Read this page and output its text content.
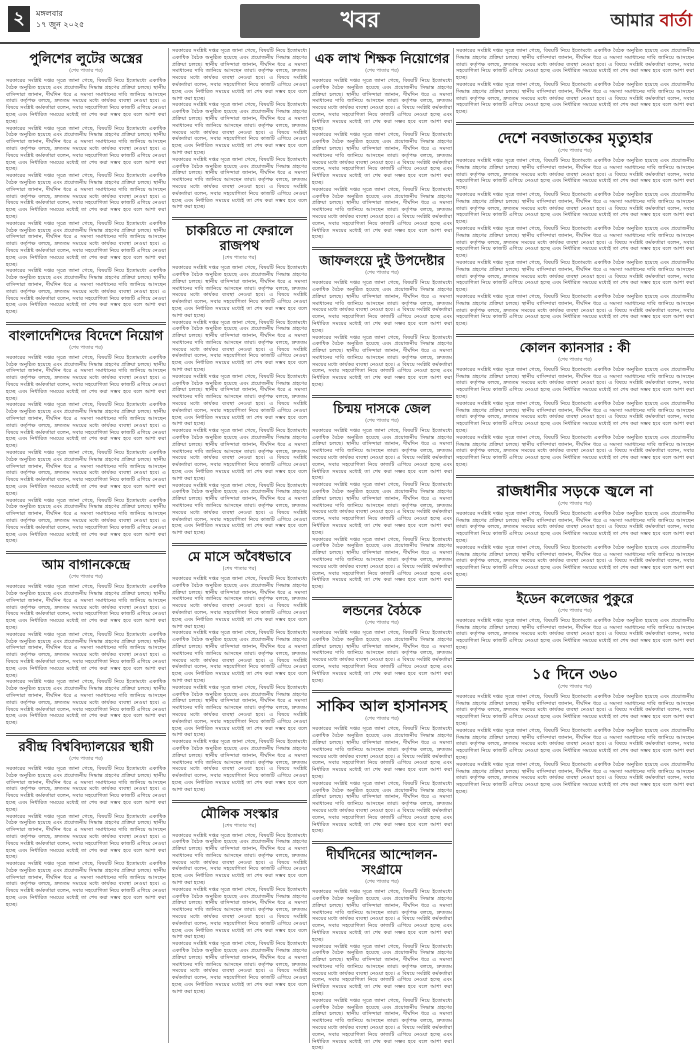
২	মঙ্গলবার
১৭ জুন ২০২৫	খবর	আমার বার্তা
পুলিশের লুটের অস্ত্রের
(শেষ পাতার পর)

সরকারের সংশ্লিষ্ট দপ্তর সূত্রে জানা গেছে, বিষয়টি নিয়ে ইতোমধ্যে একাধিক বৈঠক অনুষ্ঠিত হয়েছে এবং প্রয়োজনীয় সিদ্ধান্ত গ্রহণের প্রক্রিয়া চলছে। স্থানীয় বাসিন্দারা জানান, দীর্ঘদিন ধরে এ সমস্যা সমাধানের দাবি জানিয়ে আসছেন তারা। কর্তৃপক্ষ বলছে, দ্রুততম সময়ের মধ্যে কার্যকর ব্যবস্থা নেওয়া হবে। এ বিষয়ে সংশ্লিষ্ট কর্মকর্তারা বলেন, সবার সহযোগিতা নিয়ে কাজটি এগিয়ে নেওয়া হচ্ছে এবং নির্ধারিত সময়ের মধ্যেই তা শেষ করা সম্ভব হবে বলে আশা করা হচ্ছে।

সরকারের সংশ্লিষ্ট দপ্তর সূত্রে জানা গেছে, বিষয়টি নিয়ে ইতোমধ্যে একাধিক বৈঠক অনুষ্ঠিত হয়েছে এবং প্রয়োজনীয় সিদ্ধান্ত গ্রহণের প্রক্রিয়া চলছে। স্থানীয় বাসিন্দারা জানান, দীর্ঘদিন ধরে এ সমস্যা সমাধানের দাবি জানিয়ে আসছেন তারা। কর্তৃপক্ষ বলছে, দ্রুততম সময়ের মধ্যে কার্যকর ব্যবস্থা নেওয়া হবে। এ বিষয়ে সংশ্লিষ্ট কর্মকর্তারা বলেন, সবার সহযোগিতা নিয়ে কাজটি এগিয়ে নেওয়া হচ্ছে এবং নির্ধারিত সময়ের মধ্যেই তা শেষ করা সম্ভব হবে বলে আশা করা হচ্ছে।

সরকারের সংশ্লিষ্ট দপ্তর সূত্রে জানা গেছে, বিষয়টি নিয়ে ইতোমধ্যে একাধিক বৈঠক অনুষ্ঠিত হয়েছে এবং প্রয়োজনীয় সিদ্ধান্ত গ্রহণের প্রক্রিয়া চলছে। স্থানীয় বাসিন্দারা জানান, দীর্ঘদিন ধরে এ সমস্যা সমাধানের দাবি জানিয়ে আসছেন তারা। কর্তৃপক্ষ বলছে, দ্রুততম সময়ের মধ্যে কার্যকর ব্যবস্থা নেওয়া হবে। এ বিষয়ে সংশ্লিষ্ট কর্মকর্তারা বলেন, সবার সহযোগিতা নিয়ে কাজটি এগিয়ে নেওয়া হচ্ছে এবং নির্ধারিত সময়ের মধ্যেই তা শেষ করা সম্ভব হবে বলে আশা করা হচ্ছে।

সরকারের সংশ্লিষ্ট দপ্তর সূত্রে জানা গেছে, বিষয়টি নিয়ে ইতোমধ্যে একাধিক বৈঠক অনুষ্ঠিত হয়েছে এবং প্রয়োজনীয় সিদ্ধান্ত গ্রহণের প্রক্রিয়া চলছে। স্থানীয় বাসিন্দারা জানান, দীর্ঘদিন ধরে এ সমস্যা সমাধানের দাবি জানিয়ে আসছেন তারা। কর্তৃপক্ষ বলছে, দ্রুততম সময়ের মধ্যে কার্যকর ব্যবস্থা নেওয়া হবে। এ বিষয়ে সংশ্লিষ্ট কর্মকর্তারা বলেন, সবার সহযোগিতা নিয়ে কাজটি এগিয়ে নেওয়া হচ্ছে এবং নির্ধারিত সময়ের মধ্যেই তা শেষ করা সম্ভব হবে বলে আশা করা হচ্ছে।

সরকারের সংশ্লিষ্ট দপ্তর সূত্রে জানা গেছে, বিষয়টি নিয়ে ইতোমধ্যে একাধিক বৈঠক অনুষ্ঠিত হয়েছে এবং প্রয়োজনীয় সিদ্ধান্ত গ্রহণের প্রক্রিয়া চলছে। স্থানীয় বাসিন্দারা জানান, দীর্ঘদিন ধরে এ সমস্যা সমাধানের দাবি জানিয়ে আসছেন তারা। কর্তৃপক্ষ বলছে, দ্রুততম সময়ের মধ্যে কার্যকর ব্যবস্থা নেওয়া হবে। এ বিষয়ে সংশ্লিষ্ট কর্মকর্তারা বলেন, সবার সহযোগিতা নিয়ে কাজটি এগিয়ে নেওয়া হচ্ছে এবং নির্ধারিত সময়ের মধ্যেই তা শেষ করা সম্ভব হবে বলে আশা করা হচ্ছে।

বাংলাদেশিদের বিদেশে নিয়োগ
(শেষ পাতার পর)

সরকারের সংশ্লিষ্ট দপ্তর সূত্রে জানা গেছে, বিষয়টি নিয়ে ইতোমধ্যে একাধিক বৈঠক অনুষ্ঠিত হয়েছে এবং প্রয়োজনীয় সিদ্ধান্ত গ্রহণের প্রক্রিয়া চলছে। স্থানীয় বাসিন্দারা জানান, দীর্ঘদিন ধরে এ সমস্যা সমাধানের দাবি জানিয়ে আসছেন তারা। কর্তৃপক্ষ বলছে, দ্রুততম সময়ের মধ্যে কার্যকর ব্যবস্থা নেওয়া হবে। এ বিষয়ে সংশ্লিষ্ট কর্মকর্তারা বলেন, সবার সহযোগিতা নিয়ে কাজটি এগিয়ে নেওয়া হচ্ছে এবং নির্ধারিত সময়ের মধ্যেই তা শেষ করা সম্ভব হবে বলে আশা করা হচ্ছে।

সরকারের সংশ্লিষ্ট দপ্তর সূত্রে জানা গেছে, বিষয়টি নিয়ে ইতোমধ্যে একাধিক বৈঠক অনুষ্ঠিত হয়েছে এবং প্রয়োজনীয় সিদ্ধান্ত গ্রহণের প্রক্রিয়া চলছে। স্থানীয় বাসিন্দারা জানান, দীর্ঘদিন ধরে এ সমস্যা সমাধানের দাবি জানিয়ে আসছেন তারা। কর্তৃপক্ষ বলছে, দ্রুততম সময়ের মধ্যে কার্যকর ব্যবস্থা নেওয়া হবে। এ বিষয়ে সংশ্লিষ্ট কর্মকর্তারা বলেন, সবার সহযোগিতা নিয়ে কাজটি এগিয়ে নেওয়া হচ্ছে এবং নির্ধারিত সময়ের মধ্যেই তা শেষ করা সম্ভব হবে বলে আশা করা হচ্ছে।

সরকারের সংশ্লিষ্ট দপ্তর সূত্রে জানা গেছে, বিষয়টি নিয়ে ইতোমধ্যে একাধিক বৈঠক অনুষ্ঠিত হয়েছে এবং প্রয়োজনীয় সিদ্ধান্ত গ্রহণের প্রক্রিয়া চলছে। স্থানীয় বাসিন্দারা জানান, দীর্ঘদিন ধরে এ সমস্যা সমাধানের দাবি জানিয়ে আসছেন তারা। কর্তৃপক্ষ বলছে, দ্রুততম সময়ের মধ্যে কার্যকর ব্যবস্থা নেওয়া হবে। এ বিষয়ে সংশ্লিষ্ট কর্মকর্তারা বলেন, সবার সহযোগিতা নিয়ে কাজটি এগিয়ে নেওয়া হচ্ছে এবং নির্ধারিত সময়ের মধ্যেই তা শেষ করা সম্ভব হবে বলে আশা করা হচ্ছে।

সরকারের সংশ্লিষ্ট দপ্তর সূত্রে জানা গেছে, বিষয়টি নিয়ে ইতোমধ্যে একাধিক বৈঠক অনুষ্ঠিত হয়েছে এবং প্রয়োজনীয় সিদ্ধান্ত গ্রহণের প্রক্রিয়া চলছে। স্থানীয় বাসিন্দারা জানান, দীর্ঘদিন ধরে এ সমস্যা সমাধানের দাবি জানিয়ে আসছেন তারা। কর্তৃপক্ষ বলছে, দ্রুততম সময়ের মধ্যে কার্যকর ব্যবস্থা নেওয়া হবে। এ বিষয়ে সংশ্লিষ্ট কর্মকর্তারা বলেন, সবার সহযোগিতা নিয়ে কাজটি এগিয়ে নেওয়া হচ্ছে এবং নির্ধারিত সময়ের মধ্যেই তা শেষ করা সম্ভব হবে বলে আশা করা হচ্ছে।

আম বাগানকেন্দ্রে
(শেষ পাতার পর)

সরকারের সংশ্লিষ্ট দপ্তর সূত্রে জানা গেছে, বিষয়টি নিয়ে ইতোমধ্যে একাধিক বৈঠক অনুষ্ঠিত হয়েছে এবং প্রয়োজনীয় সিদ্ধান্ত গ্রহণের প্রক্রিয়া চলছে। স্থানীয় বাসিন্দারা জানান, দীর্ঘদিন ধরে এ সমস্যা সমাধানের দাবি জানিয়ে আসছেন তারা। কর্তৃপক্ষ বলছে, দ্রুততম সময়ের মধ্যে কার্যকর ব্যবস্থা নেওয়া হবে। এ বিষয়ে সংশ্লিষ্ট কর্মকর্তারা বলেন, সবার সহযোগিতা নিয়ে কাজটি এগিয়ে নেওয়া হচ্ছে এবং নির্ধারিত সময়ের মধ্যেই তা শেষ করা সম্ভব হবে বলে আশা করা হচ্ছে।

সরকারের সংশ্লিষ্ট দপ্তর সূত্রে জানা গেছে, বিষয়টি নিয়ে ইতোমধ্যে একাধিক বৈঠক অনুষ্ঠিত হয়েছে এবং প্রয়োজনীয় সিদ্ধান্ত গ্রহণের প্রক্রিয়া চলছে। স্থানীয় বাসিন্দারা জানান, দীর্ঘদিন ধরে এ সমস্যা সমাধানের দাবি জানিয়ে আসছেন তারা। কর্তৃপক্ষ বলছে, দ্রুততম সময়ের মধ্যে কার্যকর ব্যবস্থা নেওয়া হবে। এ বিষয়ে সংশ্লিষ্ট কর্মকর্তারা বলেন, সবার সহযোগিতা নিয়ে কাজটি এগিয়ে নেওয়া হচ্ছে এবং নির্ধারিত সময়ের মধ্যেই তা শেষ করা সম্ভব হবে বলে আশা করা হচ্ছে।

সরকারের সংশ্লিষ্ট দপ্তর সূত্রে জানা গেছে, বিষয়টি নিয়ে ইতোমধ্যে একাধিক বৈঠক অনুষ্ঠিত হয়েছে এবং প্রয়োজনীয় সিদ্ধান্ত গ্রহণের প্রক্রিয়া চলছে। স্থানীয় বাসিন্দারা জানান, দীর্ঘদিন ধরে এ সমস্যা সমাধানের দাবি জানিয়ে আসছেন তারা। কর্তৃপক্ষ বলছে, দ্রুততম সময়ের মধ্যে কার্যকর ব্যবস্থা নেওয়া হবে। এ বিষয়ে সংশ্লিষ্ট কর্মকর্তারা বলেন, সবার সহযোগিতা নিয়ে কাজটি এগিয়ে নেওয়া হচ্ছে এবং নির্ধারিত সময়ের মধ্যেই তা শেষ করা সম্ভব হবে বলে আশা করা হচ্ছে।

রবীন্দ্র বিশ্ববিদ্যালয়ের স্থায়ী
(শেষ পাতার পর)

সরকারের সংশ্লিষ্ট দপ্তর সূত্রে জানা গেছে, বিষয়টি নিয়ে ইতোমধ্যে একাধিক বৈঠক অনুষ্ঠিত হয়েছে এবং প্রয়োজনীয় সিদ্ধান্ত গ্রহণের প্রক্রিয়া চলছে। স্থানীয় বাসিন্দারা জানান, দীর্ঘদিন ধরে এ সমস্যা সমাধানের দাবি জানিয়ে আসছেন তারা। কর্তৃপক্ষ বলছে, দ্রুততম সময়ের মধ্যে কার্যকর ব্যবস্থা নেওয়া হবে। এ বিষয়ে সংশ্লিষ্ট কর্মকর্তারা বলেন, সবার সহযোগিতা নিয়ে কাজটি এগিয়ে নেওয়া হচ্ছে এবং নির্ধারিত সময়ের মধ্যেই তা শেষ করা সম্ভব হবে বলে আশা করা হচ্ছে।

সরকারের সংশ্লিষ্ট দপ্তর সূত্রে জানা গেছে, বিষয়টি নিয়ে ইতোমধ্যে একাধিক বৈঠক অনুষ্ঠিত হয়েছে এবং প্রয়োজনীয় সিদ্ধান্ত গ্রহণের প্রক্রিয়া চলছে। স্থানীয় বাসিন্দারা জানান, দীর্ঘদিন ধরে এ সমস্যা সমাধানের দাবি জানিয়ে আসছেন তারা। কর্তৃপক্ষ বলছে, দ্রুততম সময়ের মধ্যে কার্যকর ব্যবস্থা নেওয়া হবে। এ বিষয়ে সংশ্লিষ্ট কর্মকর্তারা বলেন, সবার সহযোগিতা নিয়ে কাজটি এগিয়ে নেওয়া হচ্ছে এবং নির্ধারিত সময়ের মধ্যেই তা শেষ করা সম্ভব হবে বলে আশা করা হচ্ছে।

সরকারের সংশ্লিষ্ট দপ্তর সূত্রে জানা গেছে, বিষয়টি নিয়ে ইতোমধ্যে একাধিক বৈঠক অনুষ্ঠিত হয়েছে এবং প্রয়োজনীয় সিদ্ধান্ত গ্রহণের প্রক্রিয়া চলছে। স্থানীয় বাসিন্দারা জানান, দীর্ঘদিন ধরে এ সমস্যা সমাধানের দাবি জানিয়ে আসছেন তারা। কর্তৃপক্ষ বলছে, দ্রুততম সময়ের মধ্যে কার্যকর ব্যবস্থা নেওয়া হবে। এ বিষয়ে সংশ্লিষ্ট কর্মকর্তারা বলেন, সবার সহযোগিতা নিয়ে কাজটি এগিয়ে নেওয়া হচ্ছে এবং নির্ধারিত সময়ের মধ্যেই তা শেষ করা সম্ভব হবে বলে আশা করা হচ্ছে।

সরকারের সংশ্লিষ্ট দপ্তর সূত্রে জানা গেছে, বিষয়টি নিয়ে ইতোমধ্যে একাধিক বৈঠক অনুষ্ঠিত হয়েছে এবং প্রয়োজনীয় সিদ্ধান্ত গ্রহণের প্রক্রিয়া চলছে। স্থানীয় বাসিন্দারা জানান, দীর্ঘদিন ধরে এ সমস্যা সমাধানের দাবি জানিয়ে আসছেন তারা। কর্তৃপক্ষ বলছে, দ্রুততম সময়ের মধ্যে কার্যকর ব্যবস্থা নেওয়া হবে। এ বিষয়ে সংশ্লিষ্ট কর্মকর্তারা বলেন, সবার সহযোগিতা নিয়ে কাজটি এগিয়ে নেওয়া হচ্ছে এবং নির্ধারিত সময়ের মধ্যেই তা শেষ করা সম্ভব হবে বলে আশা করা হচ্ছে।

সরকারের সংশ্লিষ্ট দপ্তর সূত্রে জানা গেছে, বিষয়টি নিয়ে ইতোমধ্যে একাধিক বৈঠক অনুষ্ঠিত হয়েছে এবং প্রয়োজনীয় সিদ্ধান্ত গ্রহণের প্রক্রিয়া চলছে। স্থানীয় বাসিন্দারা জানান, দীর্ঘদিন ধরে এ সমস্যা সমাধানের দাবি জানিয়ে আসছেন তারা। কর্তৃপক্ষ বলছে, দ্রুততম সময়ের মধ্যে কার্যকর ব্যবস্থা নেওয়া হবে। এ বিষয়ে সংশ্লিষ্ট কর্মকর্তারা বলেন, সবার সহযোগিতা নিয়ে কাজটি এগিয়ে নেওয়া হচ্ছে এবং নির্ধারিত সময়ের মধ্যেই তা শেষ করা সম্ভব হবে বলে আশা করা হচ্ছে।

সরকারের সংশ্লিষ্ট দপ্তর সূত্রে জানা গেছে, বিষয়টি নিয়ে ইতোমধ্যে একাধিক বৈঠক অনুষ্ঠিত হয়েছে এবং প্রয়োজনীয় সিদ্ধান্ত গ্রহণের প্রক্রিয়া চলছে। স্থানীয় বাসিন্দারা জানান, দীর্ঘদিন ধরে এ সমস্যা সমাধানের দাবি জানিয়ে আসছেন তারা। কর্তৃপক্ষ বলছে, দ্রুততম সময়ের মধ্যে কার্যকর ব্যবস্থা নেওয়া হবে। এ বিষয়ে সংশ্লিষ্ট কর্মকর্তারা বলেন, সবার সহযোগিতা নিয়ে কাজটি এগিয়ে নেওয়া হচ্ছে এবং নির্ধারিত সময়ের মধ্যেই তা শেষ করা সম্ভব হবে বলে আশা করা হচ্ছে।

চাকরিতে না ফেরালে রাজপথ
(শেষ পাতার পর)

সরকারের সংশ্লিষ্ট দপ্তর সূত্রে জানা গেছে, বিষয়টি নিয়ে ইতোমধ্যে একাধিক বৈঠক অনুষ্ঠিত হয়েছে এবং প্রয়োজনীয় সিদ্ধান্ত গ্রহণের প্রক্রিয়া চলছে। স্থানীয় বাসিন্দারা জানান, দীর্ঘদিন ধরে এ সমস্যা সমাধানের দাবি জানিয়ে আসছেন তারা। কর্তৃপক্ষ বলছে, দ্রুততম সময়ের মধ্যে কার্যকর ব্যবস্থা নেওয়া হবে। এ বিষয়ে সংশ্লিষ্ট কর্মকর্তারা বলেন, সবার সহযোগিতা নিয়ে কাজটি এগিয়ে নেওয়া হচ্ছে এবং নির্ধারিত সময়ের মধ্যেই তা শেষ করা সম্ভব হবে বলে আশা করা হচ্ছে।

সরকারের সংশ্লিষ্ট দপ্তর সূত্রে জানা গেছে, বিষয়টি নিয়ে ইতোমধ্যে একাধিক বৈঠক অনুষ্ঠিত হয়েছে এবং প্রয়োজনীয় সিদ্ধান্ত গ্রহণের প্রক্রিয়া চলছে। স্থানীয় বাসিন্দারা জানান, দীর্ঘদিন ধরে এ সমস্যা সমাধানের দাবি জানিয়ে আসছেন তারা। কর্তৃপক্ষ বলছে, দ্রুততম সময়ের মধ্যে কার্যকর ব্যবস্থা নেওয়া হবে। এ বিষয়ে সংশ্লিষ্ট কর্মকর্তারা বলেন, সবার সহযোগিতা নিয়ে কাজটি এগিয়ে নেওয়া হচ্ছে এবং নির্ধারিত সময়ের মধ্যেই তা শেষ করা সম্ভব হবে বলে আশা করা হচ্ছে।

সরকারের সংশ্লিষ্ট দপ্তর সূত্রে জানা গেছে, বিষয়টি নিয়ে ইতোমধ্যে একাধিক বৈঠক অনুষ্ঠিত হয়েছে এবং প্রয়োজনীয় সিদ্ধান্ত গ্রহণের প্রক্রিয়া চলছে। স্থানীয় বাসিন্দারা জানান, দীর্ঘদিন ধরে এ সমস্যা সমাধানের দাবি জানিয়ে আসছেন তারা। কর্তৃপক্ষ বলছে, দ্রুততম সময়ের মধ্যে কার্যকর ব্যবস্থা নেওয়া হবে। এ বিষয়ে সংশ্লিষ্ট কর্মকর্তারা বলেন, সবার সহযোগিতা নিয়ে কাজটি এগিয়ে নেওয়া হচ্ছে এবং নির্ধারিত সময়ের মধ্যেই তা শেষ করা সম্ভব হবে বলে আশা করা হচ্ছে।

সরকারের সংশ্লিষ্ট দপ্তর সূত্রে জানা গেছে, বিষয়টি নিয়ে ইতোমধ্যে একাধিক বৈঠক অনুষ্ঠিত হয়েছে এবং প্রয়োজনীয় সিদ্ধান্ত গ্রহণের প্রক্রিয়া চলছে। স্থানীয় বাসিন্দারা জানান, দীর্ঘদিন ধরে এ সমস্যা সমাধানের দাবি জানিয়ে আসছেন তারা। কর্তৃপক্ষ বলছে, দ্রুততম সময়ের মধ্যে কার্যকর ব্যবস্থা নেওয়া হবে। এ বিষয়ে সংশ্লিষ্ট কর্মকর্তারা বলেন, সবার সহযোগিতা নিয়ে কাজটি এগিয়ে নেওয়া হচ্ছে এবং নির্ধারিত সময়ের মধ্যেই তা শেষ করা সম্ভব হবে বলে আশা করা হচ্ছে।

সরকারের সংশ্লিষ্ট দপ্তর সূত্রে জানা গেছে, বিষয়টি নিয়ে ইতোমধ্যে একাধিক বৈঠক অনুষ্ঠিত হয়েছে এবং প্রয়োজনীয় সিদ্ধান্ত গ্রহণের প্রক্রিয়া চলছে। স্থানীয় বাসিন্দারা জানান, দীর্ঘদিন ধরে এ সমস্যা সমাধানের দাবি জানিয়ে আসছেন তারা। কর্তৃপক্ষ বলছে, দ্রুততম সময়ের মধ্যে কার্যকর ব্যবস্থা নেওয়া হবে। এ বিষয়ে সংশ্লিষ্ট কর্মকর্তারা বলেন, সবার সহযোগিতা নিয়ে কাজটি এগিয়ে নেওয়া হচ্ছে এবং নির্ধারিত সময়ের মধ্যেই তা শেষ করা সম্ভব হবে বলে আশা করা হচ্ছে।

মে মাসে অবৈধভাবে
(শেষ পাতার পর)

সরকারের সংশ্লিষ্ট দপ্তর সূত্রে জানা গেছে, বিষয়টি নিয়ে ইতোমধ্যে একাধিক বৈঠক অনুষ্ঠিত হয়েছে এবং প্রয়োজনীয় সিদ্ধান্ত গ্রহণের প্রক্রিয়া চলছে। স্থানীয় বাসিন্দারা জানান, দীর্ঘদিন ধরে এ সমস্যা সমাধানের দাবি জানিয়ে আসছেন তারা। কর্তৃপক্ষ বলছে, দ্রুততম সময়ের মধ্যে কার্যকর ব্যবস্থা নেওয়া হবে। এ বিষয়ে সংশ্লিষ্ট কর্মকর্তারা বলেন, সবার সহযোগিতা নিয়ে কাজটি এগিয়ে নেওয়া হচ্ছে এবং নির্ধারিত সময়ের মধ্যেই তা শেষ করা সম্ভব হবে বলে আশা করা হচ্ছে।

সরকারের সংশ্লিষ্ট দপ্তর সূত্রে জানা গেছে, বিষয়টি নিয়ে ইতোমধ্যে একাধিক বৈঠক অনুষ্ঠিত হয়েছে এবং প্রয়োজনীয় সিদ্ধান্ত গ্রহণের প্রক্রিয়া চলছে। স্থানীয় বাসিন্দারা জানান, দীর্ঘদিন ধরে এ সমস্যা সমাধানের দাবি জানিয়ে আসছেন তারা। কর্তৃপক্ষ বলছে, দ্রুততম সময়ের মধ্যে কার্যকর ব্যবস্থা নেওয়া হবে। এ বিষয়ে সংশ্লিষ্ট কর্মকর্তারা বলেন, সবার সহযোগিতা নিয়ে কাজটি এগিয়ে নেওয়া হচ্ছে এবং নির্ধারিত সময়ের মধ্যেই তা শেষ করা সম্ভব হবে বলে আশা করা হচ্ছে।

সরকারের সংশ্লিষ্ট দপ্তর সূত্রে জানা গেছে, বিষয়টি নিয়ে ইতোমধ্যে একাধিক বৈঠক অনুষ্ঠিত হয়েছে এবং প্রয়োজনীয় সিদ্ধান্ত গ্রহণের প্রক্রিয়া চলছে। স্থানীয় বাসিন্দারা জানান, দীর্ঘদিন ধরে এ সমস্যা সমাধানের দাবি জানিয়ে আসছেন তারা। কর্তৃপক্ষ বলছে, দ্রুততম সময়ের মধ্যে কার্যকর ব্যবস্থা নেওয়া হবে। এ বিষয়ে সংশ্লিষ্ট কর্মকর্তারা বলেন, সবার সহযোগিতা নিয়ে কাজটি এগিয়ে নেওয়া হচ্ছে এবং নির্ধারিত সময়ের মধ্যেই তা শেষ করা সম্ভব হবে বলে আশা করা হচ্ছে।

সরকারের সংশ্লিষ্ট দপ্তর সূত্রে জানা গেছে, বিষয়টি নিয়ে ইতোমধ্যে একাধিক বৈঠক অনুষ্ঠিত হয়েছে এবং প্রয়োজনীয় সিদ্ধান্ত গ্রহণের প্রক্রিয়া চলছে। স্থানীয় বাসিন্দারা জানান, দীর্ঘদিন ধরে এ সমস্যা সমাধানের দাবি জানিয়ে আসছেন তারা। কর্তৃপক্ষ বলছে, দ্রুততম সময়ের মধ্যে কার্যকর ব্যবস্থা নেওয়া হবে। এ বিষয়ে সংশ্লিষ্ট কর্মকর্তারা বলেন, সবার সহযোগিতা নিয়ে কাজটি এগিয়ে নেওয়া হচ্ছে এবং নির্ধারিত সময়ের মধ্যেই তা শেষ করা সম্ভব হবে বলে আশা করা হচ্ছে।

মৌলিক সংস্কার
(শেষ পাতার পর)

সরকারের সংশ্লিষ্ট দপ্তর সূত্রে জানা গেছে, বিষয়টি নিয়ে ইতোমধ্যে একাধিক বৈঠক অনুষ্ঠিত হয়েছে এবং প্রয়োজনীয় সিদ্ধান্ত গ্রহণের প্রক্রিয়া চলছে। স্থানীয় বাসিন্দারা জানান, দীর্ঘদিন ধরে এ সমস্যা সমাধানের দাবি জানিয়ে আসছেন তারা। কর্তৃপক্ষ বলছে, দ্রুততম সময়ের মধ্যে কার্যকর ব্যবস্থা নেওয়া হবে। এ বিষয়ে সংশ্লিষ্ট কর্মকর্তারা বলেন, সবার সহযোগিতা নিয়ে কাজটি এগিয়ে নেওয়া হচ্ছে এবং নির্ধারিত সময়ের মধ্যেই তা শেষ করা সম্ভব হবে বলে আশা করা হচ্ছে।

সরকারের সংশ্লিষ্ট দপ্তর সূত্রে জানা গেছে, বিষয়টি নিয়ে ইতোমধ্যে একাধিক বৈঠক অনুষ্ঠিত হয়েছে এবং প্রয়োজনীয় সিদ্ধান্ত গ্রহণের প্রক্রিয়া চলছে। স্থানীয় বাসিন্দারা জানান, দীর্ঘদিন ধরে এ সমস্যা সমাধানের দাবি জানিয়ে আসছেন তারা। কর্তৃপক্ষ বলছে, দ্রুততম সময়ের মধ্যে কার্যকর ব্যবস্থা নেওয়া হবে। এ বিষয়ে সংশ্লিষ্ট কর্মকর্তারা বলেন, সবার সহযোগিতা নিয়ে কাজটি এগিয়ে নেওয়া হচ্ছে এবং নির্ধারিত সময়ের মধ্যেই তা শেষ করা সম্ভব হবে বলে আশা করা হচ্ছে।

সরকারের সংশ্লিষ্ট দপ্তর সূত্রে জানা গেছে, বিষয়টি নিয়ে ইতোমধ্যে একাধিক বৈঠক অনুষ্ঠিত হয়েছে এবং প্রয়োজনীয় সিদ্ধান্ত গ্রহণের প্রক্রিয়া চলছে। স্থানীয় বাসিন্দারা জানান, দীর্ঘদিন ধরে এ সমস্যা সমাধানের দাবি জানিয়ে আসছেন তারা। কর্তৃপক্ষ বলছে, দ্রুততম সময়ের মধ্যে কার্যকর ব্যবস্থা নেওয়া হবে। এ বিষয়ে সংশ্লিষ্ট কর্মকর্তারা বলেন, সবার সহযোগিতা নিয়ে কাজটি এগিয়ে নেওয়া হচ্ছে এবং নির্ধারিত সময়ের মধ্যেই তা শেষ করা সম্ভব হবে বলে আশা করা হচ্ছে।

এক লাখ শিক্ষক নিয়োগের
(শেষ পাতার পর)

সরকারের সংশ্লিষ্ট দপ্তর সূত্রে জানা গেছে, বিষয়টি নিয়ে ইতোমধ্যে একাধিক বৈঠক অনুষ্ঠিত হয়েছে এবং প্রয়োজনীয় সিদ্ধান্ত গ্রহণের প্রক্রিয়া চলছে। স্থানীয় বাসিন্দারা জানান, দীর্ঘদিন ধরে এ সমস্যা সমাধানের দাবি জানিয়ে আসছেন তারা। কর্তৃপক্ষ বলছে, দ্রুততম সময়ের মধ্যে কার্যকর ব্যবস্থা নেওয়া হবে। এ বিষয়ে সংশ্লিষ্ট কর্মকর্তারা বলেন, সবার সহযোগিতা নিয়ে কাজটি এগিয়ে নেওয়া হচ্ছে এবং নির্ধারিত সময়ের মধ্যেই তা শেষ করা সম্ভব হবে বলে আশা করা হচ্ছে।

সরকারের সংশ্লিষ্ট দপ্তর সূত্রে জানা গেছে, বিষয়টি নিয়ে ইতোমধ্যে একাধিক বৈঠক অনুষ্ঠিত হয়েছে এবং প্রয়োজনীয় সিদ্ধান্ত গ্রহণের প্রক্রিয়া চলছে। স্থানীয় বাসিন্দারা জানান, দীর্ঘদিন ধরে এ সমস্যা সমাধানের দাবি জানিয়ে আসছেন তারা। কর্তৃপক্ষ বলছে, দ্রুততম সময়ের মধ্যে কার্যকর ব্যবস্থা নেওয়া হবে। এ বিষয়ে সংশ্লিষ্ট কর্মকর্তারা বলেন, সবার সহযোগিতা নিয়ে কাজটি এগিয়ে নেওয়া হচ্ছে এবং নির্ধারিত সময়ের মধ্যেই তা শেষ করা সম্ভব হবে বলে আশা করা হচ্ছে।

সরকারের সংশ্লিষ্ট দপ্তর সূত্রে জানা গেছে, বিষয়টি নিয়ে ইতোমধ্যে একাধিক বৈঠক অনুষ্ঠিত হয়েছে এবং প্রয়োজনীয় সিদ্ধান্ত গ্রহণের প্রক্রিয়া চলছে। স্থানীয় বাসিন্দারা জানান, দীর্ঘদিন ধরে এ সমস্যা সমাধানের দাবি জানিয়ে আসছেন তারা। কর্তৃপক্ষ বলছে, দ্রুততম সময়ের মধ্যে কার্যকর ব্যবস্থা নেওয়া হবে। এ বিষয়ে সংশ্লিষ্ট কর্মকর্তারা বলেন, সবার সহযোগিতা নিয়ে কাজটি এগিয়ে নেওয়া হচ্ছে এবং নির্ধারিত সময়ের মধ্যেই তা শেষ করা সম্ভব হবে বলে আশা করা হচ্ছে।

জাফলংয়ে দুই উপদেষ্টার
(শেষ পাতার পর)

সরকারের সংশ্লিষ্ট দপ্তর সূত্রে জানা গেছে, বিষয়টি নিয়ে ইতোমধ্যে একাধিক বৈঠক অনুষ্ঠিত হয়েছে এবং প্রয়োজনীয় সিদ্ধান্ত গ্রহণের প্রক্রিয়া চলছে। স্থানীয় বাসিন্দারা জানান, দীর্ঘদিন ধরে এ সমস্যা সমাধানের দাবি জানিয়ে আসছেন তারা। কর্তৃপক্ষ বলছে, দ্রুততম সময়ের মধ্যে কার্যকর ব্যবস্থা নেওয়া হবে। এ বিষয়ে সংশ্লিষ্ট কর্মকর্তারা বলেন, সবার সহযোগিতা নিয়ে কাজটি এগিয়ে নেওয়া হচ্ছে এবং নির্ধারিত সময়ের মধ্যেই তা শেষ করা সম্ভব হবে বলে আশা করা হচ্ছে।

সরকারের সংশ্লিষ্ট দপ্তর সূত্রে জানা গেছে, বিষয়টি নিয়ে ইতোমধ্যে একাধিক বৈঠক অনুষ্ঠিত হয়েছে এবং প্রয়োজনীয় সিদ্ধান্ত গ্রহণের প্রক্রিয়া চলছে। স্থানীয় বাসিন্দারা জানান, দীর্ঘদিন ধরে এ সমস্যা সমাধানের দাবি জানিয়ে আসছেন তারা। কর্তৃপক্ষ বলছে, দ্রুততম সময়ের মধ্যে কার্যকর ব্যবস্থা নেওয়া হবে। এ বিষয়ে সংশ্লিষ্ট কর্মকর্তারা বলেন, সবার সহযোগিতা নিয়ে কাজটি এগিয়ে নেওয়া হচ্ছে এবং নির্ধারিত সময়ের মধ্যেই তা শেষ করা সম্ভব হবে বলে আশা করা হচ্ছে।

চিন্ময় দাসকে জেল
(শেষ পাতার পর)

সরকারের সংশ্লিষ্ট দপ্তর সূত্রে জানা গেছে, বিষয়টি নিয়ে ইতোমধ্যে একাধিক বৈঠক অনুষ্ঠিত হয়েছে এবং প্রয়োজনীয় সিদ্ধান্ত গ্রহণের প্রক্রিয়া চলছে। স্থানীয় বাসিন্দারা জানান, দীর্ঘদিন ধরে এ সমস্যা সমাধানের দাবি জানিয়ে আসছেন তারা। কর্তৃপক্ষ বলছে, দ্রুততম সময়ের মধ্যে কার্যকর ব্যবস্থা নেওয়া হবে। এ বিষয়ে সংশ্লিষ্ট কর্মকর্তারা বলেন, সবার সহযোগিতা নিয়ে কাজটি এগিয়ে নেওয়া হচ্ছে এবং নির্ধারিত সময়ের মধ্যেই তা শেষ করা সম্ভব হবে বলে আশা করা হচ্ছে।

সরকারের সংশ্লিষ্ট দপ্তর সূত্রে জানা গেছে, বিষয়টি নিয়ে ইতোমধ্যে একাধিক বৈঠক অনুষ্ঠিত হয়েছে এবং প্রয়োজনীয় সিদ্ধান্ত গ্রহণের প্রক্রিয়া চলছে। স্থানীয় বাসিন্দারা জানান, দীর্ঘদিন ধরে এ সমস্যা সমাধানের দাবি জানিয়ে আসছেন তারা। কর্তৃপক্ষ বলছে, দ্রুততম সময়ের মধ্যে কার্যকর ব্যবস্থা নেওয়া হবে। এ বিষয়ে সংশ্লিষ্ট কর্মকর্তারা বলেন, সবার সহযোগিতা নিয়ে কাজটি এগিয়ে নেওয়া হচ্ছে এবং নির্ধারিত সময়ের মধ্যেই তা শেষ করা সম্ভব হবে বলে আশা করা হচ্ছে।

সরকারের সংশ্লিষ্ট দপ্তর সূত্রে জানা গেছে, বিষয়টি নিয়ে ইতোমধ্যে একাধিক বৈঠক অনুষ্ঠিত হয়েছে এবং প্রয়োজনীয় সিদ্ধান্ত গ্রহণের প্রক্রিয়া চলছে। স্থানীয় বাসিন্দারা জানান, দীর্ঘদিন ধরে এ সমস্যা সমাধানের দাবি জানিয়ে আসছেন তারা। কর্তৃপক্ষ বলছে, দ্রুততম সময়ের মধ্যে কার্যকর ব্যবস্থা নেওয়া হবে। এ বিষয়ে সংশ্লিষ্ট কর্মকর্তারা বলেন, সবার সহযোগিতা নিয়ে কাজটি এগিয়ে নেওয়া হচ্ছে এবং নির্ধারিত সময়ের মধ্যেই তা শেষ করা সম্ভব হবে বলে আশা করা হচ্ছে।

লন্ডনের বৈঠকে
(শেষ পাতার পর)

সরকারের সংশ্লিষ্ট দপ্তর সূত্রে জানা গেছে, বিষয়টি নিয়ে ইতোমধ্যে একাধিক বৈঠক অনুষ্ঠিত হয়েছে এবং প্রয়োজনীয় সিদ্ধান্ত গ্রহণের প্রক্রিয়া চলছে। স্থানীয় বাসিন্দারা জানান, দীর্ঘদিন ধরে এ সমস্যা সমাধানের দাবি জানিয়ে আসছেন তারা। কর্তৃপক্ষ বলছে, দ্রুততম সময়ের মধ্যে কার্যকর ব্যবস্থা নেওয়া হবে। এ বিষয়ে সংশ্লিষ্ট কর্মকর্তারা বলেন, সবার সহযোগিতা নিয়ে কাজটি এগিয়ে নেওয়া হচ্ছে এবং নির্ধারিত সময়ের মধ্যেই তা শেষ করা সম্ভব হবে বলে আশা করা হচ্ছে।

সাকিব আল হাসানসহ
(শেষ পাতার পর)

সরকারের সংশ্লিষ্ট দপ্তর সূত্রে জানা গেছে, বিষয়টি নিয়ে ইতোমধ্যে একাধিক বৈঠক অনুষ্ঠিত হয়েছে এবং প্রয়োজনীয় সিদ্ধান্ত গ্রহণের প্রক্রিয়া চলছে। স্থানীয় বাসিন্দারা জানান, দীর্ঘদিন ধরে এ সমস্যা সমাধানের দাবি জানিয়ে আসছেন তারা। কর্তৃপক্ষ বলছে, দ্রুততম সময়ের মধ্যে কার্যকর ব্যবস্থা নেওয়া হবে। এ বিষয়ে সংশ্লিষ্ট কর্মকর্তারা বলেন, সবার সহযোগিতা নিয়ে কাজটি এগিয়ে নেওয়া হচ্ছে এবং নির্ধারিত সময়ের মধ্যেই তা শেষ করা সম্ভব হবে বলে আশা করা হচ্ছে।

সরকারের সংশ্লিষ্ট দপ্তর সূত্রে জানা গেছে, বিষয়টি নিয়ে ইতোমধ্যে একাধিক বৈঠক অনুষ্ঠিত হয়েছে এবং প্রয়োজনীয় সিদ্ধান্ত গ্রহণের প্রক্রিয়া চলছে। স্থানীয় বাসিন্দারা জানান, দীর্ঘদিন ধরে এ সমস্যা সমাধানের দাবি জানিয়ে আসছেন তারা। কর্তৃপক্ষ বলছে, দ্রুততম সময়ের মধ্যে কার্যকর ব্যবস্থা নেওয়া হবে। এ বিষয়ে সংশ্লিষ্ট কর্মকর্তারা বলেন, সবার সহযোগিতা নিয়ে কাজটি এগিয়ে নেওয়া হচ্ছে এবং নির্ধারিত সময়ের মধ্যেই তা শেষ করা সম্ভব হবে বলে আশা করা হচ্ছে।

দীর্ঘদিনের আন্দোলন-সংগ্রামে
(শেষ পাতার পর)

সরকারের সংশ্লিষ্ট দপ্তর সূত্রে জানা গেছে, বিষয়টি নিয়ে ইতোমধ্যে একাধিক বৈঠক অনুষ্ঠিত হয়েছে এবং প্রয়োজনীয় সিদ্ধান্ত গ্রহণের প্রক্রিয়া চলছে। স্থানীয় বাসিন্দারা জানান, দীর্ঘদিন ধরে এ সমস্যা সমাধানের দাবি জানিয়ে আসছেন তারা। কর্তৃপক্ষ বলছে, দ্রুততম সময়ের মধ্যে কার্যকর ব্যবস্থা নেওয়া হবে। এ বিষয়ে সংশ্লিষ্ট কর্মকর্তারা বলেন, সবার সহযোগিতা নিয়ে কাজটি এগিয়ে নেওয়া হচ্ছে এবং নির্ধারিত সময়ের মধ্যেই তা শেষ করা সম্ভব হবে বলে আশা করা হচ্ছে।

সরকারের সংশ্লিষ্ট দপ্তর সূত্রে জানা গেছে, বিষয়টি নিয়ে ইতোমধ্যে একাধিক বৈঠক অনুষ্ঠিত হয়েছে এবং প্রয়োজনীয় সিদ্ধান্ত গ্রহণের প্রক্রিয়া চলছে। স্থানীয় বাসিন্দারা জানান, দীর্ঘদিন ধরে এ সমস্যা সমাধানের দাবি জানিয়ে আসছেন তারা। কর্তৃপক্ষ বলছে, দ্রুততম সময়ের মধ্যে কার্যকর ব্যবস্থা নেওয়া হবে। এ বিষয়ে সংশ্লিষ্ট কর্মকর্তারা বলেন, সবার সহযোগিতা নিয়ে কাজটি এগিয়ে নেওয়া হচ্ছে এবং নির্ধারিত সময়ের মধ্যেই তা শেষ করা সম্ভব হবে বলে আশা করা হচ্ছে।

সরকারের সংশ্লিষ্ট দপ্তর সূত্রে জানা গেছে, বিষয়টি নিয়ে ইতোমধ্যে একাধিক বৈঠক অনুষ্ঠিত হয়েছে এবং প্রয়োজনীয় সিদ্ধান্ত গ্রহণের প্রক্রিয়া চলছে। স্থানীয় বাসিন্দারা জানান, দীর্ঘদিন ধরে এ সমস্যা সমাধানের দাবি জানিয়ে আসছেন তারা। কর্তৃপক্ষ বলছে, দ্রুততম সময়ের মধ্যে কার্যকর ব্যবস্থা নেওয়া হবে। এ বিষয়ে সংশ্লিষ্ট কর্মকর্তারা বলেন, সবার সহযোগিতা নিয়ে কাজটি এগিয়ে নেওয়া হচ্ছে এবং নির্ধারিত সময়ের মধ্যেই তা শেষ করা সম্ভব হবে বলে আশা করা হচ্ছে।

সরকারের সংশ্লিষ্ট দপ্তর সূত্রে জানা গেছে, বিষয়টি নিয়ে ইতোমধ্যে একাধিক বৈঠক অনুষ্ঠিত হয়েছে এবং প্রয়োজনীয় সিদ্ধান্ত গ্রহণের প্রক্রিয়া চলছে। স্থানীয় বাসিন্দারা জানান, দীর্ঘদিন ধরে এ সমস্যা সমাধানের দাবি জানিয়ে আসছেন তারা। কর্তৃপক্ষ বলছে, দ্রুততম সময়ের মধ্যে কার্যকর ব্যবস্থা নেওয়া হবে। এ বিষয়ে সংশ্লিষ্ট কর্মকর্তারা বলেন, সবার সহযোগিতা নিয়ে কাজটি এগিয়ে নেওয়া হচ্ছে এবং নির্ধারিত সময়ের মধ্যেই তা শেষ করা সম্ভব হবে বলে আশা করা হচ্ছে।

সরকারের সংশ্লিষ্ট দপ্তর সূত্রে জানা গেছে, বিষয়টি নিয়ে ইতোমধ্যে একাধিক বৈঠক অনুষ্ঠিত হয়েছে এবং প্রয়োজনীয় সিদ্ধান্ত গ্রহণের প্রক্রিয়া চলছে। স্থানীয় বাসিন্দারা জানান, দীর্ঘদিন ধরে এ সমস্যা সমাধানের দাবি জানিয়ে আসছেন তারা। কর্তৃপক্ষ বলছে, দ্রুততম সময়ের মধ্যে কার্যকর ব্যবস্থা নেওয়া হবে। এ বিষয়ে সংশ্লিষ্ট কর্মকর্তারা বলেন, সবার সহযোগিতা নিয়ে কাজটি এগিয়ে নেওয়া হচ্ছে এবং নির্ধারিত সময়ের মধ্যেই তা শেষ করা সম্ভব হবে বলে আশা করা হচ্ছে।

দেশে নবজাতকের মৃত্যুহার
(শেষ পাতার পর)

সরকারের সংশ্লিষ্ট দপ্তর সূত্রে জানা গেছে, বিষয়টি নিয়ে ইতোমধ্যে একাধিক বৈঠক অনুষ্ঠিত হয়েছে এবং প্রয়োজনীয় সিদ্ধান্ত গ্রহণের প্রক্রিয়া চলছে। স্থানীয় বাসিন্দারা জানান, দীর্ঘদিন ধরে এ সমস্যা সমাধানের দাবি জানিয়ে আসছেন তারা। কর্তৃপক্ষ বলছে, দ্রুততম সময়ের মধ্যে কার্যকর ব্যবস্থা নেওয়া হবে। এ বিষয়ে সংশ্লিষ্ট কর্মকর্তারা বলেন, সবার সহযোগিতা নিয়ে কাজটি এগিয়ে নেওয়া হচ্ছে এবং নির্ধারিত সময়ের মধ্যেই তা শেষ করা সম্ভব হবে বলে আশা করা হচ্ছে।

সরকারের সংশ্লিষ্ট দপ্তর সূত্রে জানা গেছে, বিষয়টি নিয়ে ইতোমধ্যে একাধিক বৈঠক অনুষ্ঠিত হয়েছে এবং প্রয়োজনীয় সিদ্ধান্ত গ্রহণের প্রক্রিয়া চলছে। স্থানীয় বাসিন্দারা জানান, দীর্ঘদিন ধরে এ সমস্যা সমাধানের দাবি জানিয়ে আসছেন তারা। কর্তৃপক্ষ বলছে, দ্রুততম সময়ের মধ্যে কার্যকর ব্যবস্থা নেওয়া হবে। এ বিষয়ে সংশ্লিষ্ট কর্মকর্তারা বলেন, সবার সহযোগিতা নিয়ে কাজটি এগিয়ে নেওয়া হচ্ছে এবং নির্ধারিত সময়ের মধ্যেই তা শেষ করা সম্ভব হবে বলে আশা করা হচ্ছে।

সরকারের সংশ্লিষ্ট দপ্তর সূত্রে জানা গেছে, বিষয়টি নিয়ে ইতোমধ্যে একাধিক বৈঠক অনুষ্ঠিত হয়েছে এবং প্রয়োজনীয় সিদ্ধান্ত গ্রহণের প্রক্রিয়া চলছে। স্থানীয় বাসিন্দারা জানান, দীর্ঘদিন ধরে এ সমস্যা সমাধানের দাবি জানিয়ে আসছেন তারা। কর্তৃপক্ষ বলছে, দ্রুততম সময়ের মধ্যে কার্যকর ব্যবস্থা নেওয়া হবে। এ বিষয়ে সংশ্লিষ্ট কর্মকর্তারা বলেন, সবার সহযোগিতা নিয়ে কাজটি এগিয়ে নেওয়া হচ্ছে এবং নির্ধারিত সময়ের মধ্যেই তা শেষ করা সম্ভব হবে বলে আশা করা হচ্ছে।

সরকারের সংশ্লিষ্ট দপ্তর সূত্রে জানা গেছে, বিষয়টি নিয়ে ইতোমধ্যে একাধিক বৈঠক অনুষ্ঠিত হয়েছে এবং প্রয়োজনীয় সিদ্ধান্ত গ্রহণের প্রক্রিয়া চলছে। স্থানীয় বাসিন্দারা জানান, দীর্ঘদিন ধরে এ সমস্যা সমাধানের দাবি জানিয়ে আসছেন তারা। কর্তৃপক্ষ বলছে, দ্রুততম সময়ের মধ্যে কার্যকর ব্যবস্থা নেওয়া হবে। এ বিষয়ে সংশ্লিষ্ট কর্মকর্তারা বলেন, সবার সহযোগিতা নিয়ে কাজটি এগিয়ে নেওয়া হচ্ছে এবং নির্ধারিত সময়ের মধ্যেই তা শেষ করা সম্ভব হবে বলে আশা করা হচ্ছে।

সরকারের সংশ্লিষ্ট দপ্তর সূত্রে জানা গেছে, বিষয়টি নিয়ে ইতোমধ্যে একাধিক বৈঠক অনুষ্ঠিত হয়েছে এবং প্রয়োজনীয় সিদ্ধান্ত গ্রহণের প্রক্রিয়া চলছে। স্থানীয় বাসিন্দারা জানান, দীর্ঘদিন ধরে এ সমস্যা সমাধানের দাবি জানিয়ে আসছেন তারা। কর্তৃপক্ষ বলছে, দ্রুততম সময়ের মধ্যে কার্যকর ব্যবস্থা নেওয়া হবে। এ বিষয়ে সংশ্লিষ্ট কর্মকর্তারা বলেন, সবার সহযোগিতা নিয়ে কাজটি এগিয়ে নেওয়া হচ্ছে এবং নির্ধারিত সময়ের মধ্যেই তা শেষ করা সম্ভব হবে বলে আশা করা হচ্ছে।

কোলন ক্যানসার : কী
(শেষ পাতার পর)

সরকারের সংশ্লিষ্ট দপ্তর সূত্রে জানা গেছে, বিষয়টি নিয়ে ইতোমধ্যে একাধিক বৈঠক অনুষ্ঠিত হয়েছে এবং প্রয়োজনীয় সিদ্ধান্ত গ্রহণের প্রক্রিয়া চলছে। স্থানীয় বাসিন্দারা জানান, দীর্ঘদিন ধরে এ সমস্যা সমাধানের দাবি জানিয়ে আসছেন তারা। কর্তৃপক্ষ বলছে, দ্রুততম সময়ের মধ্যে কার্যকর ব্যবস্থা নেওয়া হবে। এ বিষয়ে সংশ্লিষ্ট কর্মকর্তারা বলেন, সবার সহযোগিতা নিয়ে কাজটি এগিয়ে নেওয়া হচ্ছে এবং নির্ধারিত সময়ের মধ্যেই তা শেষ করা সম্ভব হবে বলে আশা করা হচ্ছে।

সরকারের সংশ্লিষ্ট দপ্তর সূত্রে জানা গেছে, বিষয়টি নিয়ে ইতোমধ্যে একাধিক বৈঠক অনুষ্ঠিত হয়েছে এবং প্রয়োজনীয় সিদ্ধান্ত গ্রহণের প্রক্রিয়া চলছে। স্থানীয় বাসিন্দারা জানান, দীর্ঘদিন ধরে এ সমস্যা সমাধানের দাবি জানিয়ে আসছেন তারা। কর্তৃপক্ষ বলছে, দ্রুততম সময়ের মধ্যে কার্যকর ব্যবস্থা নেওয়া হবে। এ বিষয়ে সংশ্লিষ্ট কর্মকর্তারা বলেন, সবার সহযোগিতা নিয়ে কাজটি এগিয়ে নেওয়া হচ্ছে এবং নির্ধারিত সময়ের মধ্যেই তা শেষ করা সম্ভব হবে বলে আশা করা হচ্ছে।

সরকারের সংশ্লিষ্ট দপ্তর সূত্রে জানা গেছে, বিষয়টি নিয়ে ইতোমধ্যে একাধিক বৈঠক অনুষ্ঠিত হয়েছে এবং প্রয়োজনীয় সিদ্ধান্ত গ্রহণের প্রক্রিয়া চলছে। স্থানীয় বাসিন্দারা জানান, দীর্ঘদিন ধরে এ সমস্যা সমাধানের দাবি জানিয়ে আসছেন তারা। কর্তৃপক্ষ বলছে, দ্রুততম সময়ের মধ্যে কার্যকর ব্যবস্থা নেওয়া হবে। এ বিষয়ে সংশ্লিষ্ট কর্মকর্তারা বলেন, সবার সহযোগিতা নিয়ে কাজটি এগিয়ে নেওয়া হচ্ছে এবং নির্ধারিত সময়ের মধ্যেই তা শেষ করা সম্ভব হবে বলে আশা করা হচ্ছে।

রাজধানীর সড়কে জ্বলে না
(শেষ পাতার পর)

সরকারের সংশ্লিষ্ট দপ্তর সূত্রে জানা গেছে, বিষয়টি নিয়ে ইতোমধ্যে একাধিক বৈঠক অনুষ্ঠিত হয়েছে এবং প্রয়োজনীয় সিদ্ধান্ত গ্রহণের প্রক্রিয়া চলছে। স্থানীয় বাসিন্দারা জানান, দীর্ঘদিন ধরে এ সমস্যা সমাধানের দাবি জানিয়ে আসছেন তারা। কর্তৃপক্ষ বলছে, দ্রুততম সময়ের মধ্যে কার্যকর ব্যবস্থা নেওয়া হবে। এ বিষয়ে সংশ্লিষ্ট কর্মকর্তারা বলেন, সবার সহযোগিতা নিয়ে কাজটি এগিয়ে নেওয়া হচ্ছে এবং নির্ধারিত সময়ের মধ্যেই তা শেষ করা সম্ভব হবে বলে আশা করা হচ্ছে।

সরকারের সংশ্লিষ্ট দপ্তর সূত্রে জানা গেছে, বিষয়টি নিয়ে ইতোমধ্যে একাধিক বৈঠক অনুষ্ঠিত হয়েছে এবং প্রয়োজনীয় সিদ্ধান্ত গ্রহণের প্রক্রিয়া চলছে। স্থানীয় বাসিন্দারা জানান, দীর্ঘদিন ধরে এ সমস্যা সমাধানের দাবি জানিয়ে আসছেন তারা। কর্তৃপক্ষ বলছে, দ্রুততম সময়ের মধ্যে কার্যকর ব্যবস্থা নেওয়া হবে। এ বিষয়ে সংশ্লিষ্ট কর্মকর্তারা বলেন, সবার সহযোগিতা নিয়ে কাজটি এগিয়ে নেওয়া হচ্ছে এবং নির্ধারিত সময়ের মধ্যেই তা শেষ করা সম্ভব হবে বলে আশা করা হচ্ছে।

ইডেন কলেজের পুকুরে
(শেষ পাতার পর)

সরকারের সংশ্লিষ্ট দপ্তর সূত্রে জানা গেছে, বিষয়টি নিয়ে ইতোমধ্যে একাধিক বৈঠক অনুষ্ঠিত হয়েছে এবং প্রয়োজনীয় সিদ্ধান্ত গ্রহণের প্রক্রিয়া চলছে। স্থানীয় বাসিন্দারা জানান, দীর্ঘদিন ধরে এ সমস্যা সমাধানের দাবি জানিয়ে আসছেন তারা। কর্তৃপক্ষ বলছে, দ্রুততম সময়ের মধ্যে কার্যকর ব্যবস্থা নেওয়া হবে। এ বিষয়ে সংশ্লিষ্ট কর্মকর্তারা বলেন, সবার সহযোগিতা নিয়ে কাজটি এগিয়ে নেওয়া হচ্ছে এবং নির্ধারিত সময়ের মধ্যেই তা শেষ করা সম্ভব হবে বলে আশা করা হচ্ছে।

১৫ দিনে ৩৬০
(শেষ পাতার পর)

সরকারের সংশ্লিষ্ট দপ্তর সূত্রে জানা গেছে, বিষয়টি নিয়ে ইতোমধ্যে একাধিক বৈঠক অনুষ্ঠিত হয়েছে এবং প্রয়োজনীয় সিদ্ধান্ত গ্রহণের প্রক্রিয়া চলছে। স্থানীয় বাসিন্দারা জানান, দীর্ঘদিন ধরে এ সমস্যা সমাধানের দাবি জানিয়ে আসছেন তারা। কর্তৃপক্ষ বলছে, দ্রুততম সময়ের মধ্যে কার্যকর ব্যবস্থা নেওয়া হবে। এ বিষয়ে সংশ্লিষ্ট কর্মকর্তারা বলেন, সবার সহযোগিতা নিয়ে কাজটি এগিয়ে নেওয়া হচ্ছে এবং নির্ধারিত সময়ের মধ্যেই তা শেষ করা সম্ভব হবে বলে আশা করা হচ্ছে।

সরকারের সংশ্লিষ্ট দপ্তর সূত্রে জানা গেছে, বিষয়টি নিয়ে ইতোমধ্যে একাধিক বৈঠক অনুষ্ঠিত হয়েছে এবং প্রয়োজনীয় সিদ্ধান্ত গ্রহণের প্রক্রিয়া চলছে। স্থানীয় বাসিন্দারা জানান, দীর্ঘদিন ধরে এ সমস্যা সমাধানের দাবি জানিয়ে আসছেন তারা। কর্তৃপক্ষ বলছে, দ্রুততম সময়ের মধ্যে কার্যকর ব্যবস্থা নেওয়া হবে। এ বিষয়ে সংশ্লিষ্ট কর্মকর্তারা বলেন, সবার সহযোগিতা নিয়ে কাজটি এগিয়ে নেওয়া হচ্ছে এবং নির্ধারিত সময়ের মধ্যেই তা শেষ করা সম্ভব হবে বলে আশা করা হচ্ছে।

সরকারের সংশ্লিষ্ট দপ্তর সূত্রে জানা গেছে, বিষয়টি নিয়ে ইতোমধ্যে একাধিক বৈঠক অনুষ্ঠিত হয়েছে এবং প্রয়োজনীয় সিদ্ধান্ত গ্রহণের প্রক্রিয়া চলছে। স্থানীয় বাসিন্দারা জানান, দীর্ঘদিন ধরে এ সমস্যা সমাধানের দাবি জানিয়ে আসছেন তারা। কর্তৃপক্ষ বলছে, দ্রুততম সময়ের মধ্যে কার্যকর ব্যবস্থা নেওয়া হবে। এ বিষয়ে সংশ্লিষ্ট কর্মকর্তারা বলেন, সবার সহযোগিতা নিয়ে কাজটি এগিয়ে নেওয়া হচ্ছে এবং নির্ধারিত সময়ের মধ্যেই তা শেষ করা সম্ভব হবে বলে আশা করা হচ্ছে।
